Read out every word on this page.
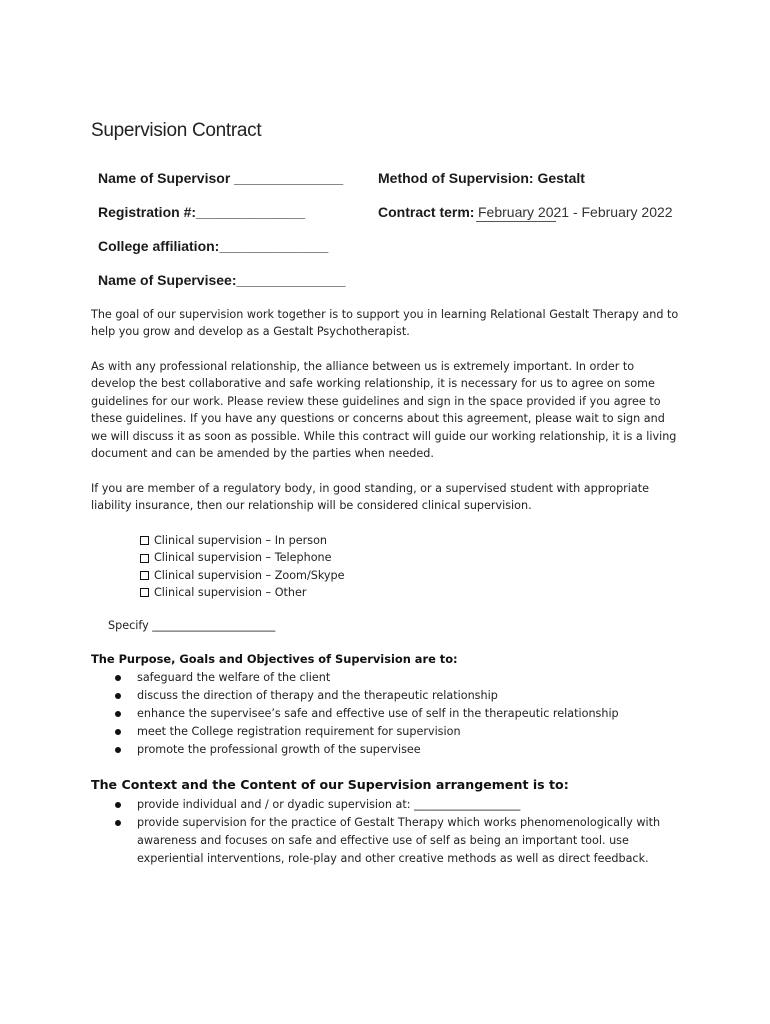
Supervision Contract
Name of Supervisor ______________
Registration #:______________
College affiliation:______________
Name of Supervisee:______________
Method of Supervision: Gestalt
Contract term: February 2021 - February 2022

The goal of our supervision work together is to support you in learning Relational Gestalt Therapy and to help you grow and develop as a Gestalt Psychotherapist.

As with any professional relationship, the alliance between us is extremely important. In order to develop the best collaborative and safe working relationship, it is necessary for us to agree on some guidelines for our work. Please review these guidelines and sign in the space provided if you agree to these guidelines. If you have any questions or concerns about this agreement, please wait to sign and we will discuss it as soon as possible. While this contract will guide our working relationship, it is a living document and can be amended by the parties when needed.

If you are member of a regulatory body, in good standing, or a supervised student with appropriate liability insurance, then our relationship will be considered clinical supervision.

Clinical supervision – In person
Clinical supervision – Telephone
Clinical supervision – Zoom/Skype
Clinical supervision – Other
Specify ______________________
The Purpose, Goals and Objectives of Supervision are to:
safeguard the welfare of the client
discuss the direction of therapy and the therapeutic relationship
enhance the supervisee’s safe and effective use of self in the therapeutic relationship
meet the College registration requirement for supervision
promote the professional growth of the supervisee
The Context and the Content of our Supervision arrangement is to:
provide individual and / or dyadic supervision at: ___________________
provide supervision for the practice of Gestalt Therapy which works phenomenologically with awareness and focuses on safe and effective use of self as being an important tool. use experiential interventions, role-play and other creative methods as well as direct feedback.
